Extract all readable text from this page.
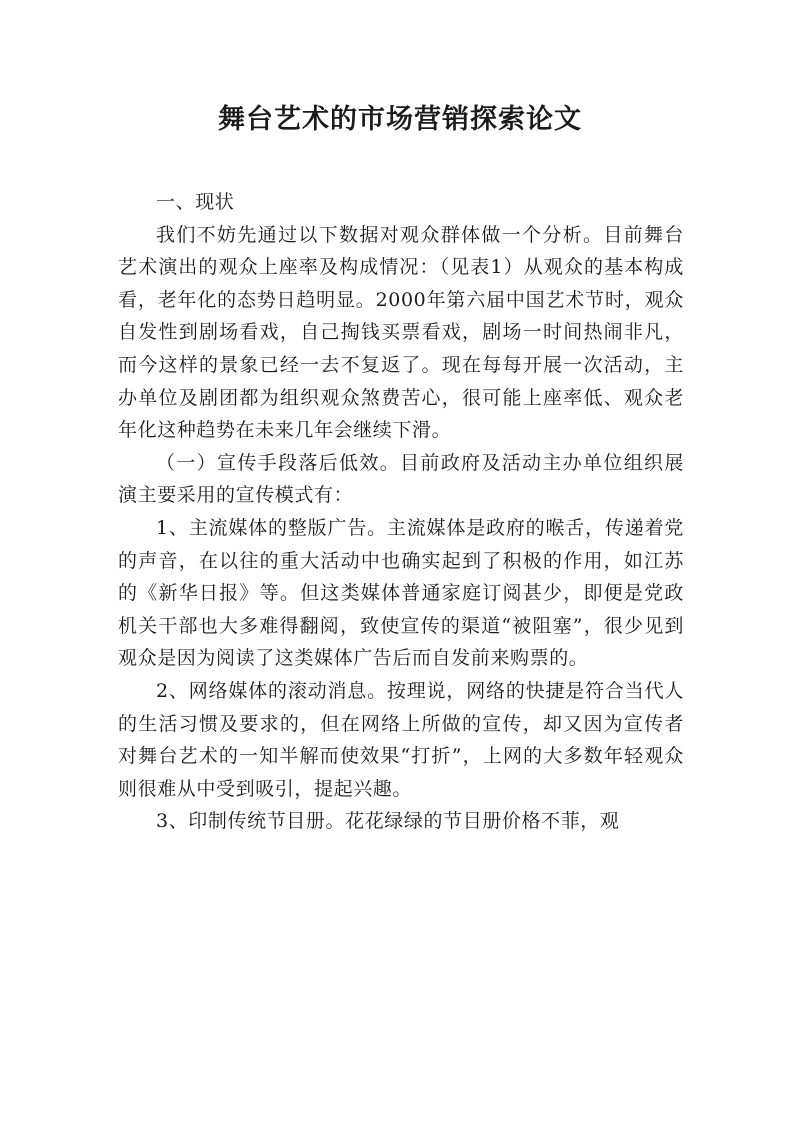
舞台艺术的市场营销探索论文

一、现状

我们不妨先通过以下数据对观众群体做一个分析。目前舞台艺术演出的观众上座率及构成情况：（见表1）从观众的基本构成看，老年化的态势日趋明显。2000年第六届中国艺术节时，观众自发性到剧场看戏，自己掏钱买票看戏，剧场一时间热闹非凡，而今这样的景象已经一去不复返了。现在每每开展一次活动，主办单位及剧团都为组织观众煞费苦心，很可能上座率低、观众老年化这种趋势在未来几年会继续下滑。

（一）宣传手段落后低效。目前政府及活动主办单位组织展演主要采用的宣传模式有：

1、主流媒体的整版广告。主流媒体是政府的喉舌，传递着党的声音，在以往的重大活动中也确实起到了积极的作用，如江苏的《新华日报》等。但这类媒体普通家庭订阅甚少，即便是党政机关干部也大多难得翻阅，致使宣传的渠道“被阻塞”，很少见到观众是因为阅读了这类媒体广告后而自发前来购票的。

2、网络媒体的滚动消息。按理说，网络的快捷是符合当代人的生活习惯及要求的，但在网络上所做的宣传，却又因为宣传者对舞台艺术的一知半解而使效果“打折”，上网的大多数年轻观众则很难从中受到吸引，提起兴趣。

3、印制传统节目册。花花绿绿的节目册价格不菲，观
